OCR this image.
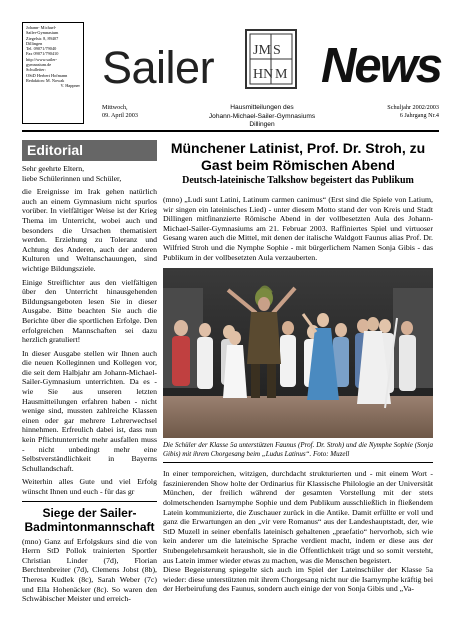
Johann- Michael-
Sailer-Gymnasium
Ziegelstr. 8, 89407
Dillingen
Tel. 09071/79040
Fax 09071/790410
http://www.sailer-
gymnasium.de
Schulleiter:
OStD Herbert Hofmann
Redaktion: M. Nowak
V. Happner Sailer	JM S
HN M News
Mittwoch,
09. April 2003
Hausmitteilungen des
Johann-Michael-Sailer-Gymnasiums Dillingen
Schuljahr 2002/2003
6 Jahrgang Nr.4
Editorial

Sehr geehrte Eltern,
liebe Schülerinnen und Schüler,

die Ereignisse im Irak gehen natürlich auch an einem Gymnasium nicht spurlos vorüber. In vielfältiger Weise ist der Krieg Thema im Unterricht, wobei auch und besonders die Ursachen thematisiert werden. Erziehung zu Toleranz und Achtung des Anderen, auch der anderen Kulturen und Weltanschauungen, sind wichtige Bildungsziele.

Einige Streiflichter aus den vielfältigen über den Unterricht hinausgehenden Bildungsangeboten lesen Sie in dieser Ausgabe. Bitte beachten Sie auch die Berichte über die sportlichen Erfolge. Den erfolgreichen Mannschaften sei dazu herzlich gratuliert!

In dieser Ausgabe stellen wir Ihnen auch die neuen Kolleginnen und Kollegen vor, die seit dem Halbjahr am Johann-Michael-Sailer-Gymnasium unterrichten. Da es - wie Sie aus unseren letzten Hausmitteilungen erfahren haben - nicht wenige sind, mussten zahlreiche Klassen einen oder gar mehrere Lehrerwechsel hinnehmen. Erfreulich dabei ist, dass nun kein Pflichtunterricht mehr ausfallen muss - nicht unbedingt mehr eine Selbstverständlichkeit in Bayerns Schullandschaft.

Weiterhin alles Gute und viel Erfolg wünscht Ihnen und euch - für das gr

Siege der Sailer-Badmintonmannschaft
(mno) Ganz auf Erfolgskurs sind die von Herrn StD Pollok trainierten Sportler Christian Linder (7d), Florian Berchtenbreiter (7d), Clemens Jobst (8b), Theresa Kudlek (8c), Sarah Weber (7c) und Ella Hohenäcker (8c). So waren den Schwäbischer Meister und erreich-
Münchener Latinist, Prof. Dr. Stroh, zu Gast beim Römischen Abend
Deutsch-lateinische Talkshow begeistert das Publikum

(mno) „Ludi sunt Latini, Latinum carmen canimus“ (Erst sind die Spiele von Latium, wir singen ein lateinisches Lied) - unter diesem Motto stand der von Kreis und Stadt Dillingen mitfinanzierte Römische Abend in der vollbesetzten Aula des Johann-Michael-Sailer-Gymnasiums am 21. Februar 2003. Raffiniertes Spiel und virtuoser Gesang waren auch die Mittel, mit denen der italische Waldgott Faunus alias Prof. Dr. Wilfried Stroh und die Nymphe Sophie - mit bürgerlichem Namen Sonja Gibis - das Publikum in der vollbesetzten Aula verzauberten.

Die Schüler der Klasse 5a unterstützen Faunus (Prof. Dr. Stroh) und die Nymphe Sophie (Sonja Gibis) mit ihrem Chorgesang beim „Ludus Latinus“. Foto: Muzell

In einer temporeichen, witzigen, durchdacht strukturierten und - mit einem Wort - faszinierenden Show holte der Ordinarius für Klassische Philologie an der Universität München, der freilich während der gesamten Vorstellung mit der stets dolmetschenden Isarnymphe Sophie und dem Publikum ausschließlich in fließendem Latein kommunizierte, die Zuschauer zurück in die Antike. Damit erfüllte er voll und ganz die Erwartungen an den „vir vere Romanus“ aus der Landeshauptstadt, der, wie StD Muzell in seiner ebenfalls lateinisch gehaltenen „praefatio“ hervorhob, sich wie kein anderer um die lateinische Sprache verdient macht, indem er diese aus der Stubengelehrsamkeit herausholt, sie in die Öffentlichkeit trägt und so somit versteht, aus Latein immer wieder etwas zu machen, was die Menschen begeistert.

Diese Begeisterung spiegelte sich auch im Spiel der Lateinschüler der Klasse 5a wieder: diese unterstützten mit ihrem Chorgesang nicht nur die Isarnymphe kräftig bei der Herbeirufung des Faunus, sondern auch einige der von Sonja Gibis und „Va-
